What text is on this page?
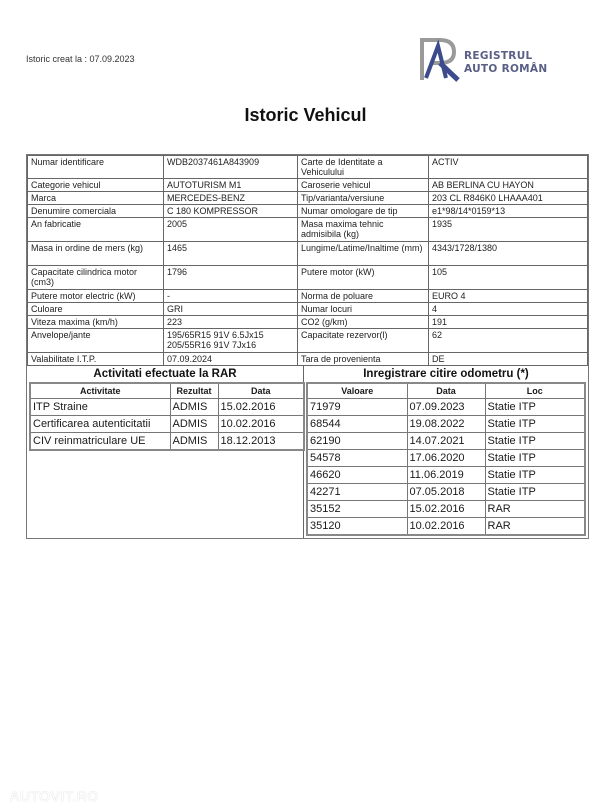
Istoric creat la : 07.09.2023	REGISTRUL
AUTO ROMÂN
Istoric Vehicul
Numar identificare	WDB2037461A843909	Carte de Identitate a Vehiculului	ACTIV
Categorie vehicul	AUTOTURISM M1	Caroserie vehicul	AB BERLINA CU HAYON
Marca	MERCEDES-BENZ	Tip/varianta/versiune	203 CL R846K0 LHAAA401
Denumire comerciala	C 180 KOMPRESSOR	Numar omologare de tip	e1*98/14*0159*13
An fabricatie	2005	Masa maxima tehnic admisibila (kg)	1935
Masa in ordine de mers (kg)	1465	Lungime/Latime/Inaltime (mm)	4343/1728/1380
Capacitate cilindrica motor (cm3)	1796	Putere motor (kW)	105
Putere motor electric (kW)	-	Norma de poluare	EURO 4
Culoare	GRI	Numar locuri	4
Viteza maxima (km/h)	223	CO2 (g/km)	191
Anvelope/jante	195/65R15 91V 6.5Jx15 205/55R16 91V 7Jx16	Capacitate rezervor(l)	62
Valabilitate I.T.P.	07.09.2024	Tara de provenienta	DE
Activitati efectuate la RAR
Activitate	Rezultat	Data
ITP Straine	ADMIS	15.02.2016
Certificarea autenticitatii	ADMIS	10.02.2016
CIV reinmatriculare UE	ADMIS	18.12.2013
Inregistrare citire odometru (*)
Valoare	Data	Loc
71979	07.09.2023	Statie ITP
68544	19.08.2022	Statie ITP
62190	14.07.2021	Statie ITP
54578	17.06.2020	Statie ITP
46620	11.06.2019	Statie ITP
42271	07.05.2018	Statie ITP
35152	15.02.2016	RAR
35120	10.02.2016	RAR
AUTOVIT.RO
